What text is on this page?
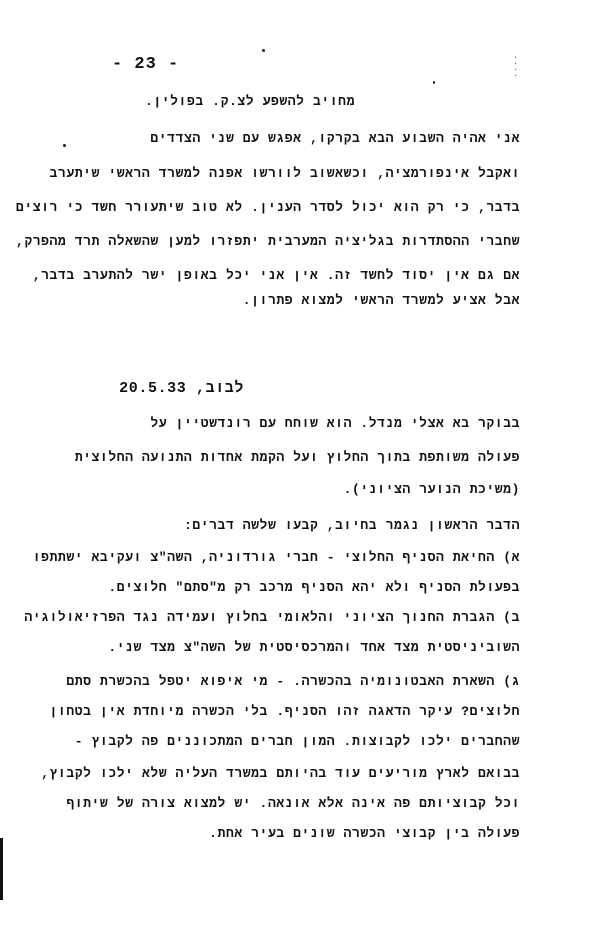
- 23 -	⁚
⁚
מחויב להשפע לצ.ק. בפולין.
אני אהיה השבוע הבא בקרקו, אפגש עם שני הצדדים
ואקבל אינפורמציה, וכשאשוב לוורשו אפנה למשרד הראשי שיתערב
בדבר, כי רק הוא יכול לסדר הענין. לא טוב שיתעורר חשד כי רוצים
שחברי ההסתדרות בגליציה המערבית יתפזרו למען שהשאלה תרד מהפרק,
אם גם אין יסוד לחשד זה. אין אני יכל באופן ישר להתערב בדבר,
אבל אציע למשרד הראשי למצוא פתרון.
לבוב, 20.5.33
בבוקר בא אצלי מנדל. הוא שוחח עם רונדשטיין על
פעולה משותפת בתוך החלוץ ועל הקמת אחדות התנועה החלוצית
(משיכת הנוער הציוני).
הדבר הראשון נגמר בחיוב, קבעו שלשה דברים:
א) החיאת הסניף החלוצי - חברי גורדוניה, השה"צ ועקיבא ישתתפו
בפעולת הסניף ולא יהא הסניף מרכב רק מ"סתם" חלוצים.
ב) הגברת החנוך הציוני והלאומי בחלוץ ועמידה נגד הפרזיאולוגיה
השוביניסטית מצד אחד והמרכסיסטית של השה"צ מצד שני.
ג) השארת האבטונומיה בהכשרה. - מי איפוא יטפל בהכשרת סתם
חלוצים? עיקר הדאגה זהו הסניף. בלי הכשרה מיוחדת אין בטחון
שהחברים ילכו לקבוצות. המון חברים המתכוננים פה לקבוץ -
בבואם לארץ מוריעים עוד בהיותם במשרד העליה שלא ילכו לקבוץ,
וכל קבוציותם פה אינה אלא אונאה. יש למצוא צורה של שיתוף
פעולה בין קבוצי הכשרה שונים בעיר אחת.
